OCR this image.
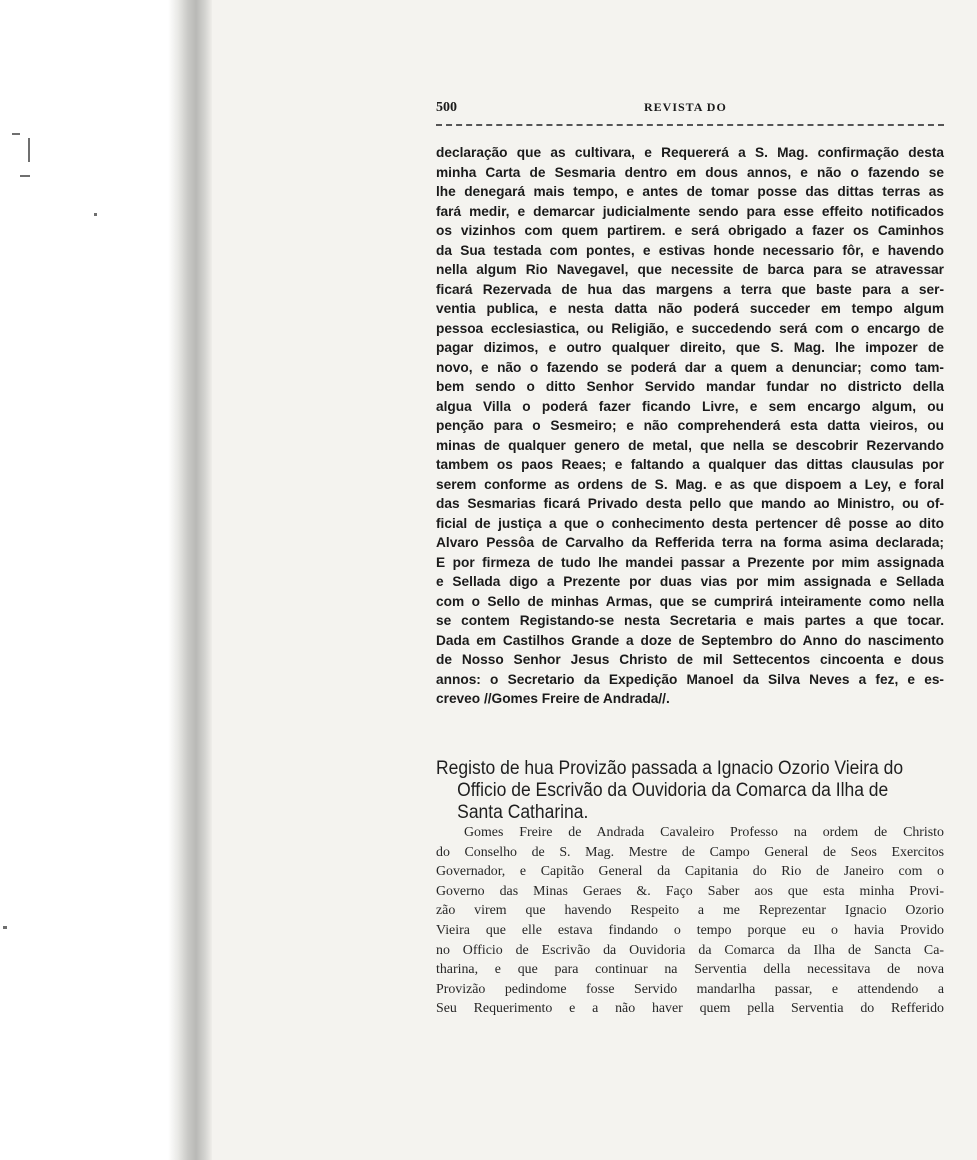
500	REVISTA DO
declaração que as cultivara, e Requererá a S. Mag. confirmação desta
minha Carta de Sesmaria dentro em dous annos, e não o fazendo se
lhe denegará mais tempo, e antes de tomar posse das dittas terras as
fará medir, e demarcar judicialmente sendo para esse effeito notificados
os vizinhos com quem partirem. e será obrigado a fazer os Caminhos
da Sua testada com pontes, e estivas honde necessario fôr, e havendo
nella algum Rio Navegavel, que necessite de barca para se atravessar
ficará Rezervada de hua das margens a terra que baste para a ser-
ventia publica, e nesta datta não poderá succeder em tempo algum
pessoa ecclesiastica, ou Religião, e succedendo será com o encargo de
pagar dizimos, e outro qualquer direito, que S. Mag. lhe impozer de
novo, e não o fazendo se poderá dar a quem a denunciar; como tam-
bem sendo o ditto Senhor Servido mandar fundar no districto della
algua Villa o poderá fazer ficando Livre, e sem encargo algum, ou
penção para o Sesmeiro; e não comprehenderá esta datta vieiros, ou
minas de qualquer genero de metal, que nella se descobrir Rezervando
tambem os paos Reaes; e faltando a qualquer das dittas clausulas por
serem conforme as ordens de S. Mag. e as que dispoem a Ley, e foral
das Sesmarias ficará Privado desta pello que mando ao Ministro, ou of-
ficial de justiça a que o conhecimento desta pertencer dê posse ao dito
Alvaro Pessôa de Carvalho da Refferida terra na forma asima declarada;
E por firmeza de tudo lhe mandei passar a Prezente por mim assignada
e Sellada digo a Prezente por duas vias por mim assignada e Sellada
com o Sello de minhas Armas, que se cumprirá inteiramente como nella
se contem Registando-se nesta Secretaria e mais partes a que tocar.
Dada em Castilhos Grande a doze de Septembro do Anno do nascimento
de Nosso Senhor Jesus Christo de mil Settecentos cincoenta e dous
annos: o Secretario da Expedição Manoel da Silva Neves a fez, e es-
creveo //Gomes Freire de Andrada//.
Registo de hua Provizão passada a Ignacio Ozorio Vieira do
Officio de Escrivão da Ouvidoria da Comarca da Ilha de
Santa Catharina.
Gomes Freire de Andrada Cavaleiro Professo na ordem de Christo
do Conselho de S. Mag. Mestre de Campo General de Seos Exercitos
Governador, e Capitão General da Capitania do Rio de Janeiro com o
Governo das Minas Geraes &. Faço Saber aos que esta minha Provi-
zão virem que havendo Respeito a me Reprezentar Ignacio Ozorio
Vieira que elle estava findando o tempo porque eu o havia Provido
no Officio de Escrivão da Ouvidoria da Comarca da Ilha de Sancta Ca-
tharina, e que para continuar na Serventia della necessitava de nova
Provizão pedindome fosse Servido mandarlha passar, e attendendo a
Seu Requerimento e a não haver quem pella Serventia do Refferido
